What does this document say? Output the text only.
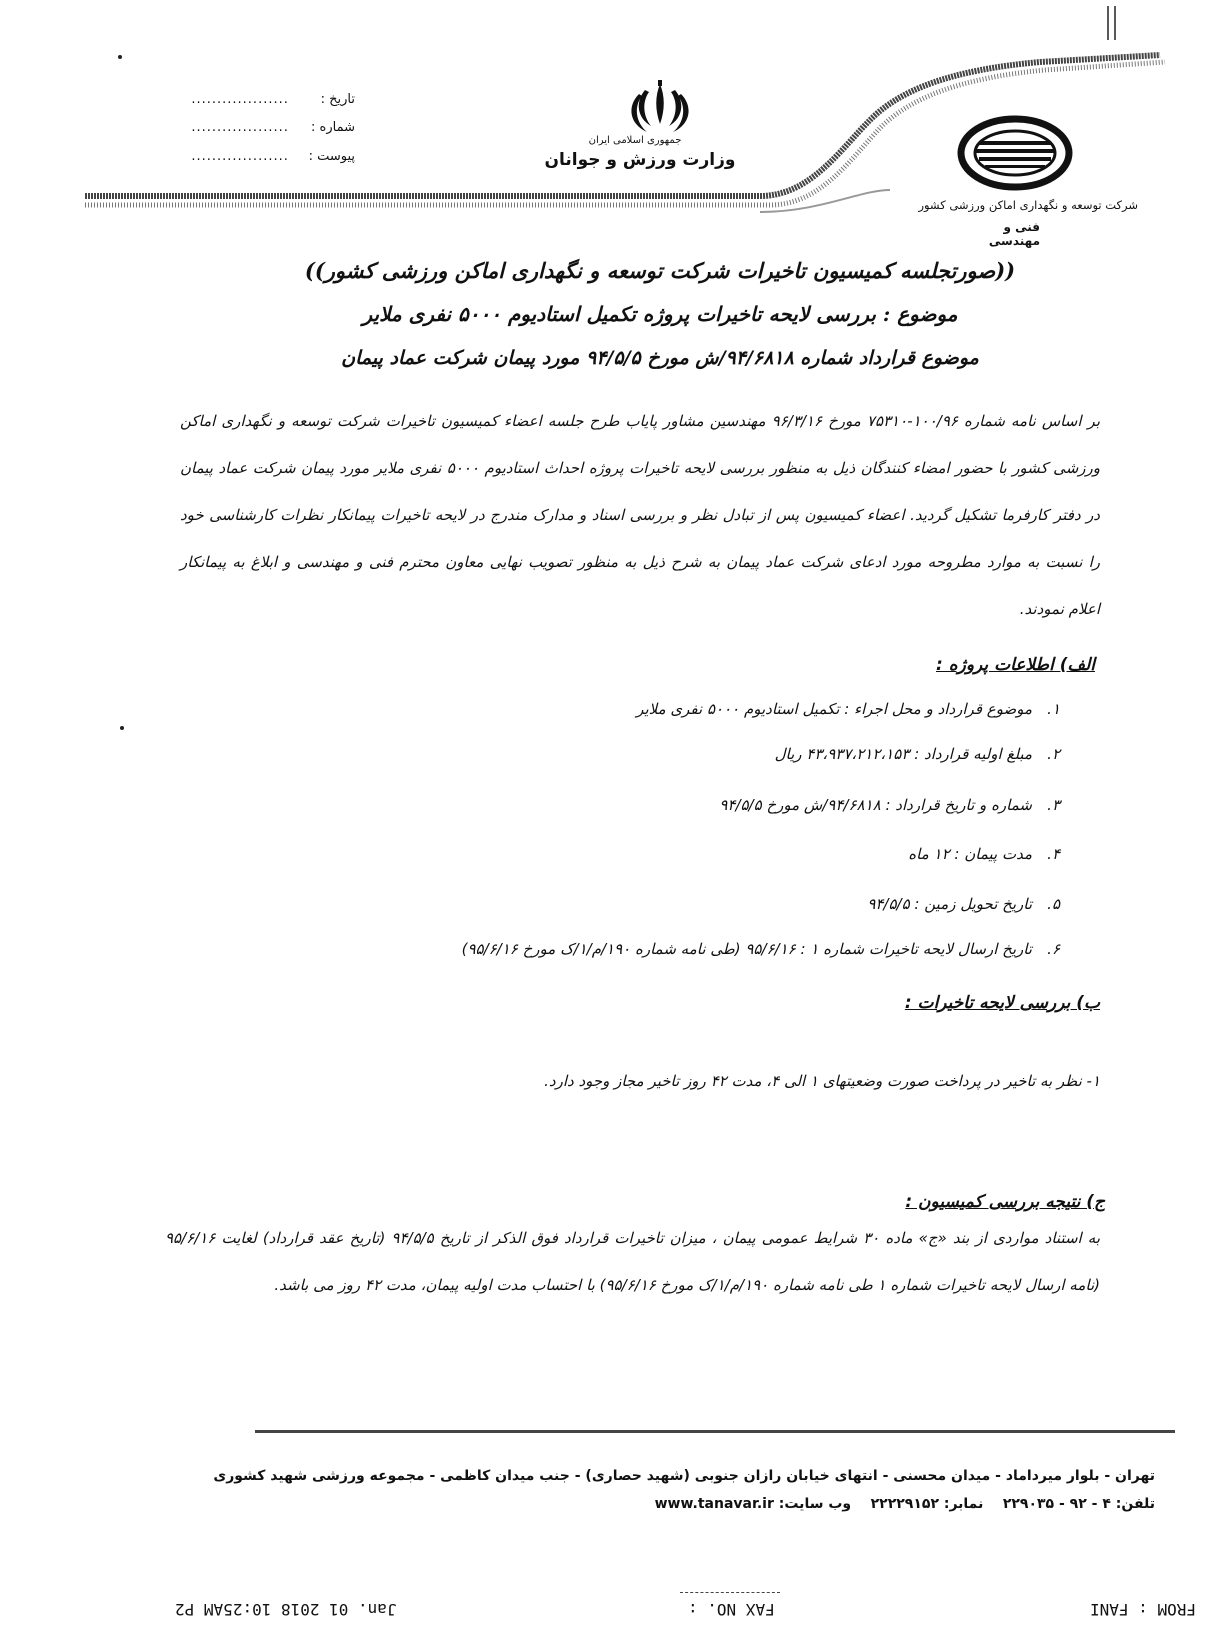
جمهوری اسلامی ایران
وزارت ورزش و جوانان
شرکت توسعه و نگهداری اماکن ورزشی کشور
فنی و مهندسی
تاریخ : ...................
شماره : ...................
پیوست : ...................
((صورتجلسه کمیسیون تاخیرات شرکت توسعه و نگهداری اماکن ورزشی کشور))
موضوع : بررسی لایحه تاخیرات پروژه تکمیل استادیوم ۵۰۰۰ نفری ملایر
موضوع قرارداد شماره ۹۴/۶۸۱۸/ش مورخ ۹۴/۵/۵ مورد پیمان شرکت عماد پیمان
بر اساس نامه شماره ۱۰۰/۹۶-۷۵۳۱۰ مورخ ۹۶/۳/۱۶ مهندسین مشاور پایاب طرح جلسه اعضاء کمیسیون تاخیرات شرکت توسعه و نگهداری اماکن ورزشی کشور با حضور امضاء کنندگان ذیل به منظور بررسی لایحه تاخیرات پروژه احداث استادیوم ۵۰۰۰ نفری ملایر مورد پیمان شرکت عماد پیمان در دفتر کارفرما تشکیل گردید. اعضاء کمیسیون پس از تبادل نظر و بررسی اسناد و مدارک مندرج در لایحه تاخیرات پیمانکار نظرات کارشناسی خود را نسبت به موارد مطروحه مورد ادعای شرکت عماد پیمان به شرح ذیل به منظور تصویب نهایی معاون محترم فنی و مهندسی و ابلاغ به پیمانکار اعلام نمودند.
الف) اطلاعات پروژه :
۱.موضوع قرارداد و محل اجراء : تکمیل استادیوم ۵۰۰۰ نفری ملایر
۲.مبلغ اولیه قرارداد : ۴۳،۹۳۷،۲۱۲،۱۵۳ ریال
۳.شماره و تاریخ قرارداد : ۹۴/۶۸۱۸/ش مورخ ۹۴/۵/۵
۴.مدت پیمان : ۱۲ ماه
۵.تاریخ تحویل زمین : ۹۴/۵/۵
۶.تاریخ ارسال لایحه تاخیرات شماره ۱ : ۹۵/۶/۱۶ (طی نامه شماره ۱۹۰/م/۱/ک مورخ ۹۵/۶/۱۶)
ب) بررسی لایحه تاخیرات :
۱- نظر به تاخیر در پرداخت صورت وضعیتهای ۱ الی ۴، مدت ۴۲ روز تاخیر مجاز وجود دارد.
ج) نتیجه بررسی کمیسیون :
به استناد مواردی از بند «ج» ماده ۳۰ شرایط عمومی پیمان ، میزان تاخیرات قرارداد فوق الذکر از تاریخ ۹۴/۵/۵ (تاریخ عقد قرارداد) لغایت ۹۵/۶/۱۶ (نامه ارسال لایحه تاخیرات شماره ۱ طی نامه شماره ۱۹۰/م/۱/ک مورخ ۹۵/۶/۱۶) با احتساب مدت اولیه پیمان، مدت ۴۲ روز می باشد.
تهران - بلوار میرداماد - میدان محسنی - انتهای خیابان رازان جنوبی (شهید حصاری) - جنب میدان کاظمی - مجموعه ورزشی شهید کشوری
تلفن: ۴ - ۹۲ - ۲۲۹۰۳۵    نمابر: ۲۲۲۲۹۱۵۲    وب سایت: www.tanavar.ir
FROM : FANI
FAX NO. :
Jan. 01 2018 10:25AM P2
